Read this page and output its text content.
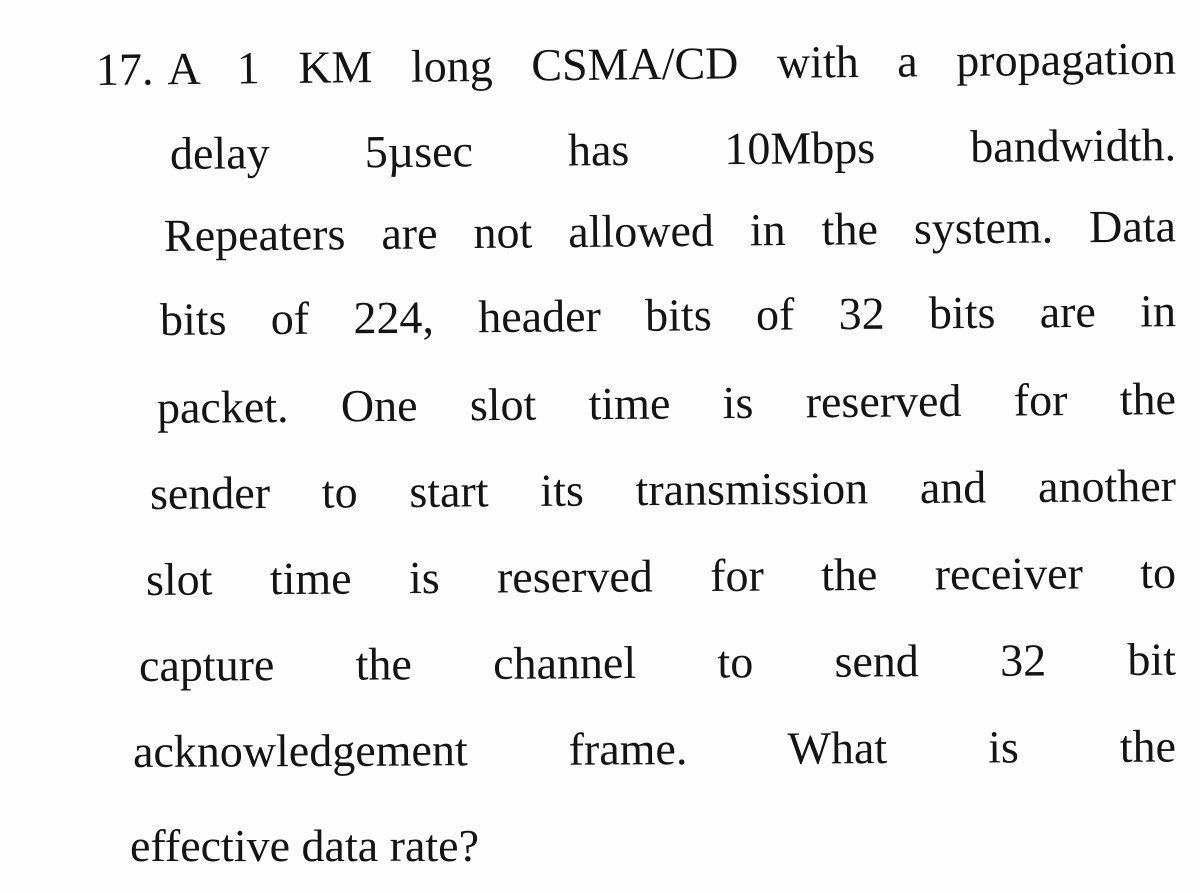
17. A 1 KM long CSMA/CD with a propagation
delay 5µsec has 10Mbps bandwidth.
Repeaters are not allowed in the system. Data
bits of 224, header bits of 32 bits are in
packet. One slot time is reserved for the
sender to start its transmission and another
slot time is reserved for the receiver to
capture the channel to send 32 bit
acknowledgement frame. What is the
effective data rate?
